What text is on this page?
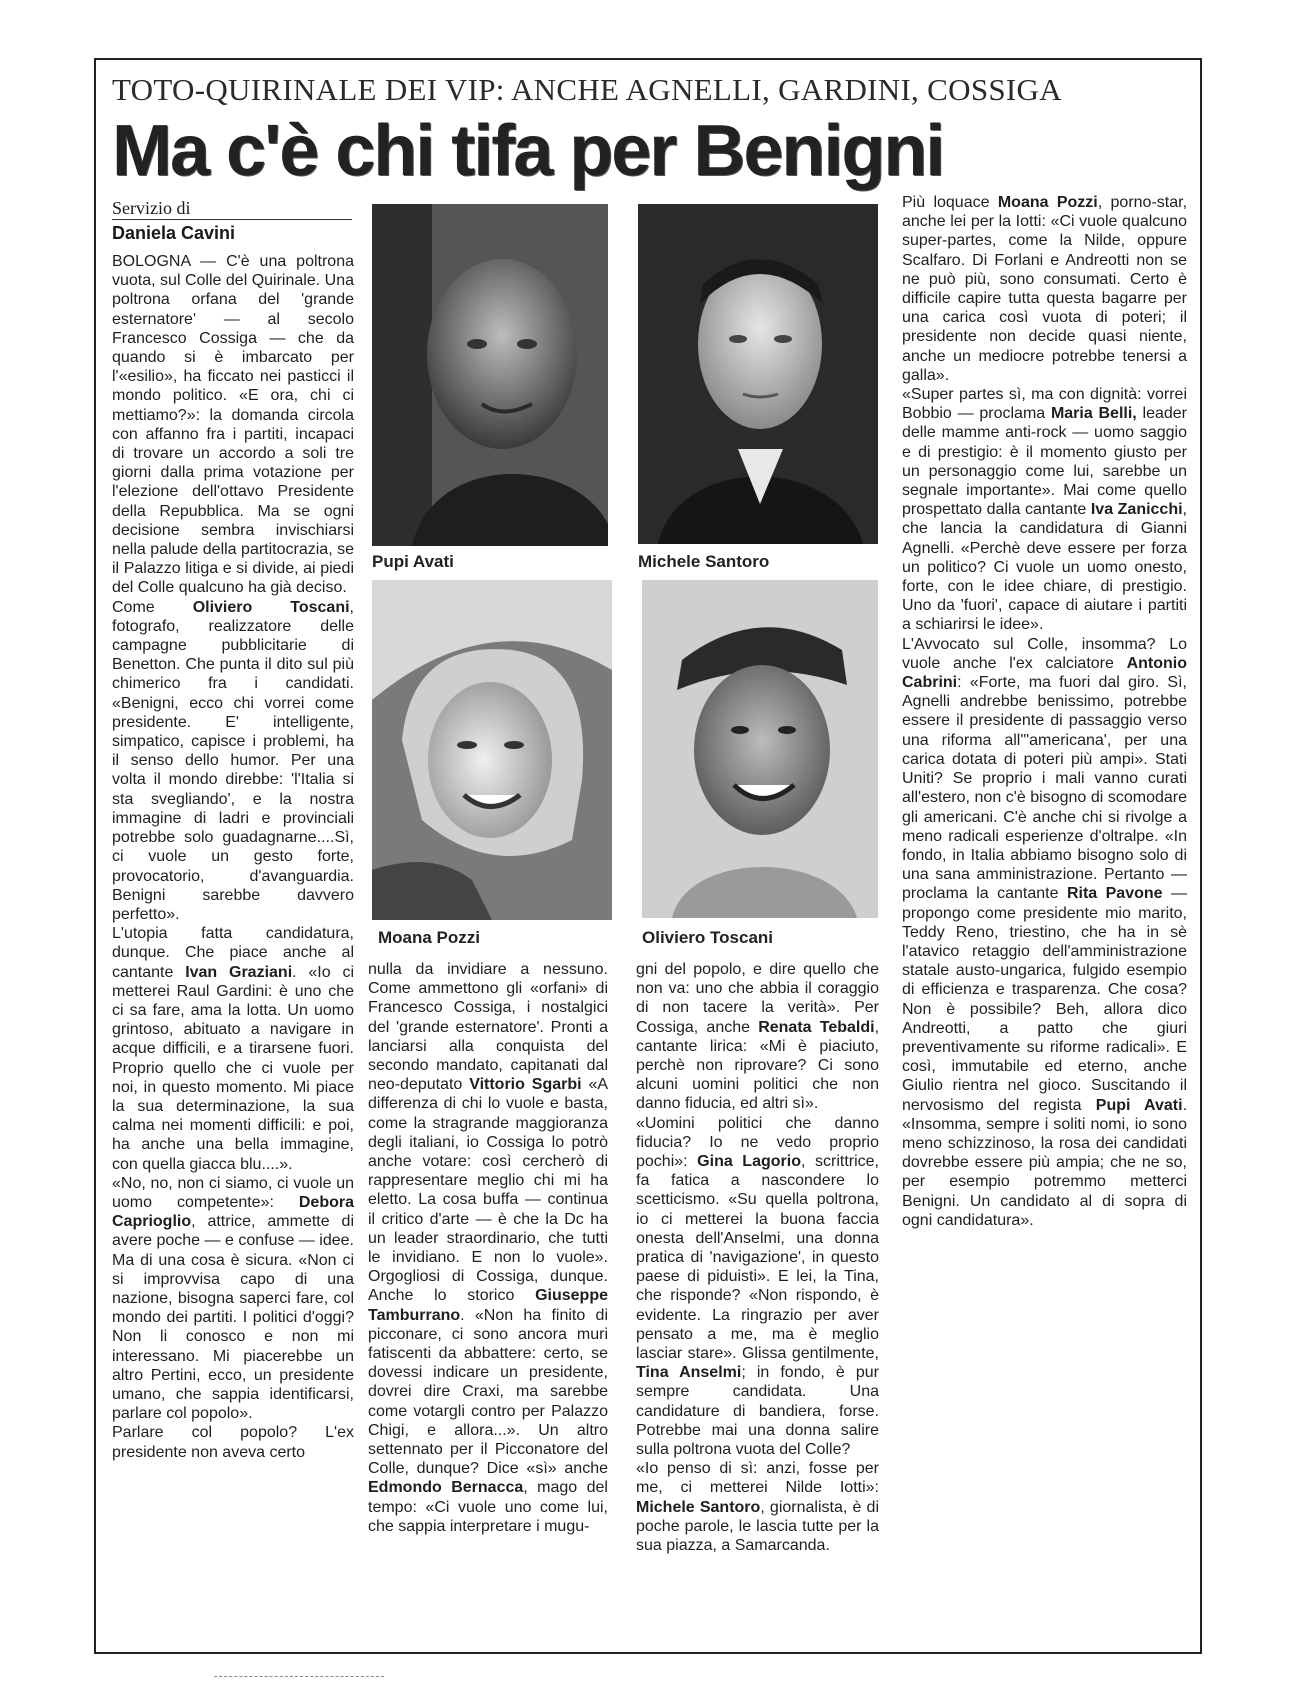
TOTO-QUIRINALE DEI VIP: ANCHE AGNELLI, GARDINI, COSSIGA
Ma c'è chi tifa per Benigni
Servizio di
Daniela Cavini
Pupi Avati	Michele Santoro
Moana Pozzi	Oliviero Toscani

BOLOGNA — C'è una poltrona vuota, sul Colle del Quirinale. Una poltrona orfana del 'grande esternatore' — al secolo Francesco Cossiga — che da quando si è imbarcato per l'«esilio», ha ficcato nei pasticci il mondo politico. «E ora, chi ci mettiamo?»: la domanda circola con affanno fra i partiti, incapaci di trovare un accordo a soli tre giorni dalla prima votazione per l'elezione dell'ottavo Presidente della Repubblica. Ma se ogni decisione sembra invischiarsi nella palude della partitocrazia, se il Palazzo litiga e si divide, ai piedi del Colle qualcuno ha già deciso.

Come Oliviero Toscani, fotografo, realizzatore delle campagne pubblicitarie di Benetton. Che punta il dito sul più chimerico fra i candidati. «Benigni, ecco chi vorrei come presidente. E' intelligente, simpatico, capisce i problemi, ha il senso dello humor. Per una volta il mondo direbbe: 'l'Italia si sta svegliando', e la nostra immagine di ladri e provinciali potrebbe solo guadagnarne....Sì, ci vuole un gesto forte, provocatorio, d'avanguardia. Benigni sarebbe davvero perfetto».

L'utopia fatta candidatura, dunque. Che piace anche al cantante Ivan Graziani. «Io ci metterei Raul Gardini: è uno che ci sa fare, ama la lotta. Un uomo grintoso, abituato a navigare in acque difficili, e a tirarsene fuori. Proprio quello che ci vuole per noi, in questo momento. Mi piace la sua determinazione, la sua calma nei momenti difficili: e poi, ha anche una bella immagine, con quella giacca blu....».

«No, no, non ci siamo, ci vuole un uomo competente»: Debora Caprioglio, attrice, ammette di avere poche — e confuse — idee. Ma di una cosa è sicura. «Non ci si improvvisa capo di una nazione, bisogna saperci fare, col mondo dei partiti. I politici d'oggi? Non li conosco e non mi interessano. Mi piacerebbe un altro Pertini, ecco, un presidente umano, che sappia identificarsi, parlare col popolo».

Parlare col popolo? L'ex presidente non aveva certo

nulla da invidiare a nessuno. Come ammettono gli «orfani» di Francesco Cossiga, i nostalgici del 'grande esternatore'. Pronti a lanciarsi alla conquista del secondo mandato, capitanati dal neo-deputato Vittorio Sgarbi «A differenza di chi lo vuole e basta, come la stragrande maggioranza degli italiani, io Cossiga lo potrò anche votare: così cercherò di rappresentare meglio chi mi ha eletto. La cosa buffa — continua il critico d'arte — è che la Dc ha un leader straordinario, che tutti le invidiano. E non lo vuole». Orgogliosi di Cossiga, dunque. Anche lo storico Giuseppe Tamburrano. «Non ha finito di picconare, ci sono ancora muri fatiscenti da abbattere: certo, se dovessi indicare un presidente, dovrei dire Craxi, ma sarebbe come votargli contro per Palazzo Chigi, e allora...». Un altro settennato per il Picconatore del Colle, dunque? Dice «sì» anche Edmondo Bernacca, mago del tempo: «Ci vuole uno come lui, che sappia interpretare i mugu-

gni del popolo, e dire quello che non va: uno che abbia il coraggio di non tacere la verità». Per Cossiga, anche Renata Tebaldi, cantante lirica: «Mi è piaciuto, perchè non riprovare? Ci sono alcuni uomini politici che non danno fiducia, ed altri sì».

«Uomini politici che danno fiducia? Io ne vedo proprio pochi»: Gina Lagorio, scrittrice, fa fatica a nascondere lo scetticismo. «Su quella poltrona, io ci metterei la buona faccia onesta dell'Anselmi, una donna pratica di 'navigazione', in questo paese di piduisti». E lei, la Tina, che risponde? «Non rispondo, è evidente. La ringrazio per aver pensato a me, ma è meglio lasciar stare». Glissa gentilmente, Tina Anselmi; in fondo, è pur sempre candidata. Una candidature di bandiera, forse. Potrebbe mai una donna salire sulla poltrona vuota del Colle?

«Io penso di sì: anzi, fosse per me, ci metterei Nilde Iotti»: Michele Santoro, giornalista, è di poche parole, le lascia tutte per la sua piazza, a Samarcanda.

Più loquace Moana Pozzi, porno-star, anche lei per la Iotti: «Ci vuole qualcuno super-partes, come la Nilde, oppure Scalfaro. Di Forlani e Andreotti non se ne può più, sono consumati. Certo è difficile capire tutta questa bagarre per una carica così vuota di poteri; il presidente non decide quasi niente, anche un mediocre potrebbe tenersi a galla».

«Super partes sì, ma con dignità: vorrei Bobbio — proclama Maria Belli, leader delle mamme anti-rock — uomo saggio e di prestigio: è il momento giusto per un personaggio come lui, sarebbe un segnale importante». Mai come quello prospettato dalla cantante Iva Zanicchi, che lancia la candidatura di Gianni Agnelli. «Perchè deve essere per forza un politico? Ci vuole un uomo onesto, forte, con le idee chiare, di prestigio. Uno da 'fuori', capace di aiutare i partiti a schiarirsi le idee».

L'Avvocato sul Colle, insomma? Lo vuole anche l'ex calciatore Antonio Cabrini: «Forte, ma fuori dal giro. Sì, Agnelli andrebbe benissimo, potrebbe essere il presidente di passaggio verso una riforma all'"americana', per una carica dotata di poteri più ampi». Stati Uniti? Se proprio i mali vanno curati all'estero, non c'è bisogno di scomodare gli americani. C'è anche chi si rivolge a meno radicali esperienze d'oltralpe. «In fondo, in Italia abbiamo bisogno solo di una sana amministrazione. Pertanto — proclama la cantante Rita Pavone — propongo come presidente mio marito, Teddy Reno, triestino, che ha in sè l'atavico retaggio dell'amministrazione statale austo-ungarica, fulgido esempio di efficienza e trasparenza. Che cosa? Non è possibile? Beh, allora dico Andreotti, a patto che giuri preventivamente su riforme radicali». E così, immutabile ed eterno, anche Giulio rientra nel gioco. Suscitando il nervosismo del regista Pupi Avati. «Insomma, sempre i soliti nomi, io sono meno schizzinoso, la rosa dei candidati dovrebbe essere più ampia; che ne so, per esempio potremmo metterci Benigni. Un candidato al di sopra di ogni candidatura».
